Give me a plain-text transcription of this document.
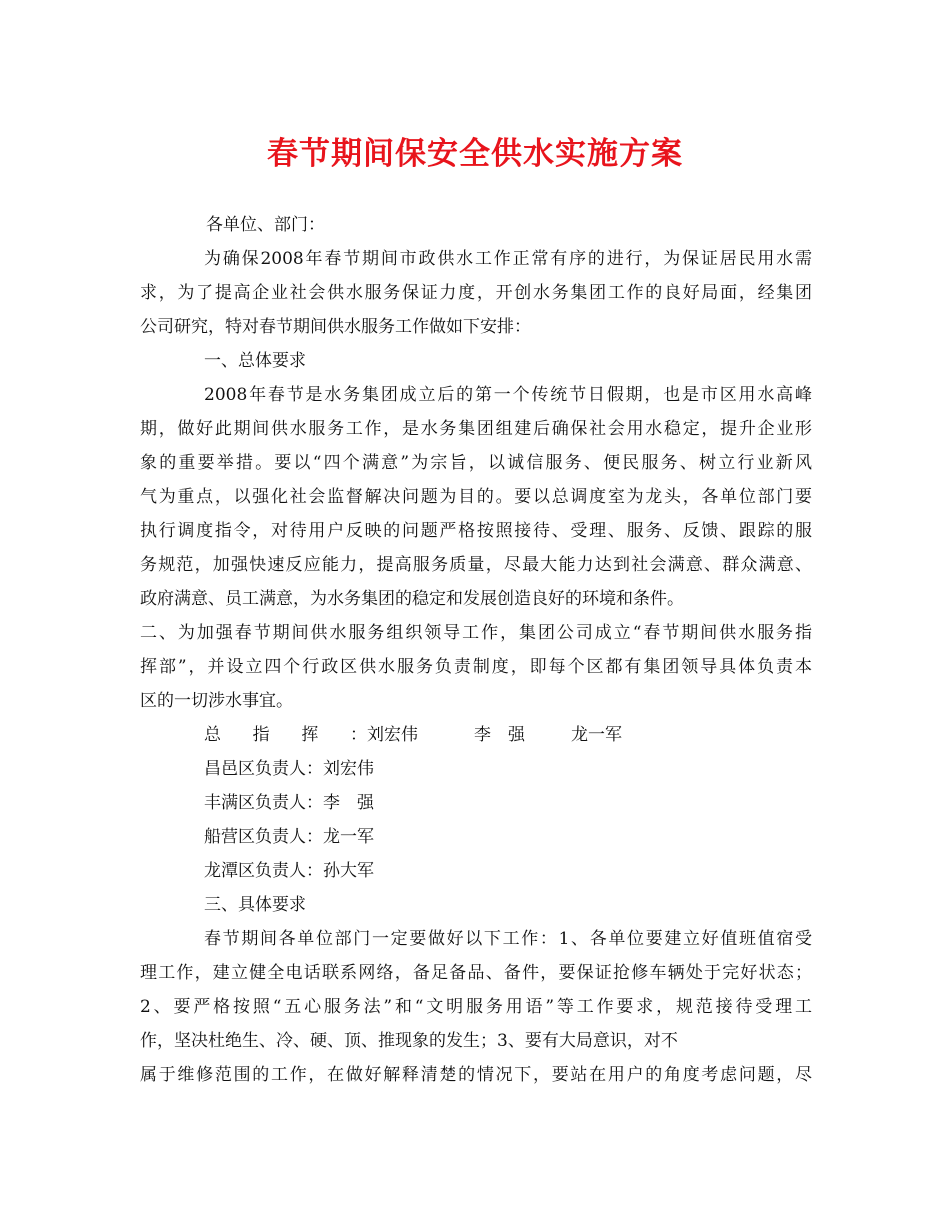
春节期间保安全供水实施方案
各单位、部门：
为确保2008年春节期间市政供水工作正常有序的进行，为保证居民用水需
求，为了提高企业社会供水服务保证力度，开创水务集团工作的良好局面，经集团
公司研究，特对春节期间供水服务工作做如下安排：
一、总体要求
2008年春节是水务集团成立后的第一个传统节日假期，也是市区用水高峰
期，做好此期间供水服务工作，是水务集团组建后确保社会用水稳定，提升企业形
象的重要举措。要以“四个满意”为宗旨，以诚信服务、便民服务、树立行业新风
气为重点，以强化社会监督解决问题为目的。要以总调度室为龙头，各单位部门要
执行调度指令，对待用户反映的问题严格按照接待、受理、服务、反馈、跟踪的服
务规范，加强快速反应能力，提高服务质量，尽最大能力达到社会满意、群众满意、
政府满意、员工满意，为水务集团的稳定和发展创造良好的环境和条件。
二、为加强春节期间供水服务组织领导工作，集团公司成立“春节期间供水服务指
挥部”，并设立四个行政区供水服务负责制度，即每个区都有集团领导具体负责本
区的一切涉水事宜。
总指挥：刘宏伟	李　强	龙一军
昌邑区负责人：刘宏伟
丰满区负责人：李　强
船营区负责人：龙一军
龙潭区负责人：孙大军
三、具体要求
春节期间各单位部门一定要做好以下工作：1、各单位要建立好值班值宿受
理工作，建立健全电话联系网络，备足备品、备件，要保证抢修车辆处于完好状态；
2、要严格按照“五心服务法”和“文明服务用语”等工作要求，规范接待受理工
作，坚决杜绝生、冷、硬、顶、推现象的发生；3、要有大局意识，对不
属于维修范围的工作，在做好解释清楚的情况下，要站在用户的角度考虑问题，尽
